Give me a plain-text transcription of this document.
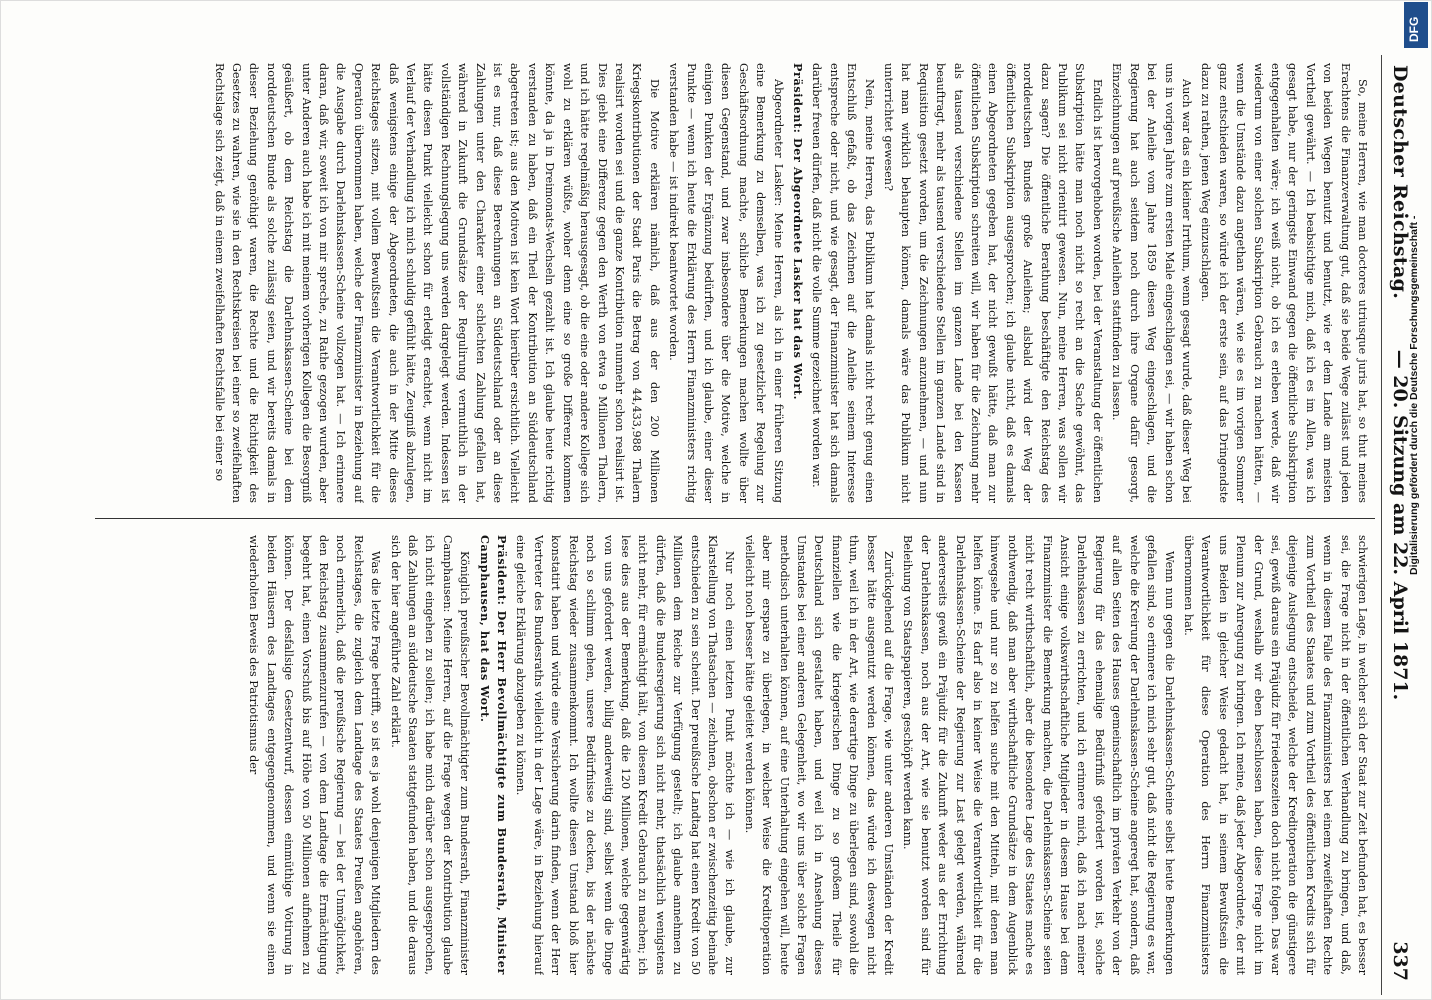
Deutscher Reichstag.
— 20. Sitzung am 22. April 1871.
337

So, meine Herren, wie man doctores utriusque juris hat, so thut meines Erachtens die Finanzverwaltung gut, daß sie beide Wege zulässt und jeden von beiden Wegen benutzt und benutzt, wie er dem Lande am meisten Vortheil gewährt. — Ich beabsichtige mich, daß ich es im Allen, was ich gesagt habe, nur der geringste Einwand gegen die öffentliche Subskription entgegenhalten wäre; ich weiß nicht, ob ich es erleben werde, daß wir wiederum von einer solchen Subskription Gebrauch zu machen hätten, — wenn die Umstände dazu angethan wären, wie sie es im vorigen Sommer ganz entschieden waren, so würde ich der erste sein, auf das Dringendste dazu zu rathen, jenen Weg einzuschlagen.

Auch war das ein kleiner Irrthum, wenn gesagt wurde, daß dieser Weg bei uns in vorigen Jahre zum ersten Male eingeschlagen sei, — wir haben schon bei der Anleihe vom Jahre 1859 diesen Weg eingeschlagen, und die Regierung hat auch seitdem noch durch ihre Organe dafür gesorgt, Einzeichnungen auf preußische Anleihen stattfinden zu lassen.

Endlich ist hervorgehoben worden, bei der Veranstaltung der öffentlichen Subskription hätte man noch nicht so recht an die Sache gewöhnt, das Publikum sei nicht orientirt gewesen. Nun, meine Herren, was sollen wir dazu sagen? Die öffentliche Berathung beschäftigte den Reichstag des norddeutschen Bundes große Anleihen; alsbald wird der Weg der öffentlichen Subskription ausgesprochen; ich glaube nicht, daß es damals einen Abgeordneten gegeben hat, der nicht gewußt hätte, daß man zur öffentlichen Subskription schreiten will, wir haben für die Zeichnung mehr als tausend verschiedene Stellen im ganzen Lande bei den Kassen beauftragt, mehr als tausend verschiedene Stellen im ganzen Lande sind in Requisition gesetzt worden, um die Zeichnungen anzunehmen, — und nun hat man wirklich behaupten können, damals wäre das Publikum nicht unterrichtet gewesen?

Nein, meine Herren, das Publikum hat damals nicht recht genug einen Entschluß gefaßt, ob das Zeichnen auf die Anleihe seinem Interesse entspreche oder nicht, und wie gesagt, der Finanzminister hat sich damals darüber freuen dürfen, daß nicht die volle Summe gezeichnet worden war.

Präsident: Der Abgeordnete Lasker hat das Wort.

Abgeordneter Lasker: Meine Herren, als ich in einer früheren Sitzung eine Bemerkung zu demselben, was ich zu gesetzlicher Regelung zur Geschäftsordnung machte, schliche Bemerkungen machen wollte über diesen Gegenstand, und zwar insbesondere über die Motive, welche in einigen Punkten der Ergänzung bedürften, und ich glaube, einer dieser Punkte — wenn ich heute die Erklärung des Herrn Finanzministers richtig verstanden habe — ist indirekt beantwortet worden.

Die Motive erklären nämlich, daß aus der den 200 Millionen Kriegskontributionen der Stadt Paris die Betrag von 44,433,988 Thalern realisirt worden sei und die ganze Kontribution nunmehr schon realisirt ist. Dies giebt eine Differenz gegen den Werth von etwa 9 Millionen Thalern, und ich hätte regelmäßig herausgesagt, ob die eine oder andere Kollege sich wohl zu erklären wüßte, woher denn eine so große Differenz kommen könnte, da ja in Dreimonats-Wechseln gezahlt ist. Ich glaube heute richtig verstanden zu haben, daß ein Theil der Kontribution an Süddeutschland abgetreten ist; aus den Motiven ist kein Wort hierüber ersichtlich. Vielleicht ist es nur, daß diese Berechnungen an Süddeutschland oder an diese Zahlungen unter den Charakter einer schlechten Zahlung gefallen hat, während in Zukunft die Grundsätze der Regulirung vermuthlich in der vollständigen Rechnungslegung uns werden dargelegt werden. Indessen ist hätte diesen Punkt vielleicht schon für erledigt erachtet, wenn nicht im Verlauf der Verhandlung ich mich schuldig gefühlt hätte, Zeugniß abzulegen, daß wenigstens einige der Abgeordneten, die auch in der Mitte dieses Reichstages sitzen, mit vollem Bewußtsein die Verantwortlichkeit für die Operation übernommen haben, welche der Finanzminister in Beziehung auf die Ausgabe durch Darlehnskassen-Scheine vollzogen hat. — Ich erinnere daran, daß wir, soweit ich von mir spreche, zu Rathe gezogen wurden, aber unter Anderen auch habe ich mit meinem vorherigen Kollegen die Besorgniß geäußert, ob dem Reichstag die Darlehnskassen-Scheine bei dem norddeutschen Bunde als solche zulässig seien, und wir bereits damals in dieser Beziehung genöthigt waren, die Rechte und die Richtigkeit des Gesetzes zu wahren, wie sie in den Rechtskreisen bei einer so zweifelhaften Rechtslage sich zeigt, daß in einem zweifelhaften Rechtsfalle bei einer so

schwierigen Lage, in welcher sich der Staat zur Zeit befunden hat, es besser sei, die Frage nicht in der öffentlichen Verhandlung zu bringen, und daß, wenn in diesem Falle des Finanzministers bei einem zweifelhaften Rechte zum Vortheil des Staates und zum Vortheil des öffentlichen Kredits sich für diejenige Auslegung entscheide, welche der Kreditoperation die günstigere sei, gewiß daraus ein Präjudiz für Friedenszeiten doch nicht folgen. Das war der Grund, weshalb wir eben beschlossen haben, diese Frage nicht im Plenum zur Anregung zu bringen. Ich meine, daß jeder Abgeordnete, der mit uns Beiden in gleicher Weise gedacht hat, in seinem Bewußtsein die Verantwortlichkeit für diese Operation des Herrn Finanzministers übernommen hat.

Wenn nun gegen die Darlehnskassen-Scheine selbst heute Bemerkungen gefallen sind, so erinnere ich mich sehr gut, daß nicht die Regierung es war, welche die Kreirung der Darlehnskassen-Scheine angeregt hat, sondern, daß auf allen Seiten des Hauses gemeinschaftlich im privaten Verkehr von der Regierung für das ehemalige Bedürfniß gefordert worden ist, solche Darlehnskassen zu errichten, und ich erinnere mich, daß ich nach meiner Ansicht einige volkswirthschaftliche Mitglieder in diesem Hause bei dem Finanzminister die Bemerkung machten, die Darlehnskassen-Scheine seien nicht recht wirthschaftlich, aber die besondere Lage des Staates mache es nothwendig, daß man aber wirthschaftliche Grundsätze in dem Augenblick hinwegsehe und nur so zu helfen suche mit den Mitteln, mit denen man helfen könne. Es darf also in keiner Weise die Verantwortlichkeit für die Darlehnskassen-Scheine der Regierung zur Last gelegt werden, während andererseits gewiß ein Präjudiz für die Zukunft weder aus der Errichtung der Darlehnskassen, noch aus der Art, wie sie benutzt worden sind für Beleihung von Staatspapieren, geschöpft werden kann.

Zurückgehend auf die Frage, wie unter anderen Umständen der Kredit besser hätte ausgenutzt werden können, das würde ich deswegen nicht thun, weil ich in der Art, wie derartige Dinge zu überlegen sind, sowohl die finanziellen wie die kriegerischen Dinge zu so großem Theile für Deutschland sich gestaltet haben, und weil ich in Ansehung dieses Umstandes bei einer anderen Gelegenheit, wo wir uns über solche Fragen methodisch unterhalten können, auf eine Unterhaltung eingehen will, heute aber mir erspare zu überlegen, in welcher Weise die Kreditoperation vielleicht noch besser hätte geleitet werden können.

Nur noch einen letzten Punkt möchte ich — wie ich glaube, zur Klarstellung von Thatsachen — zeichnen, obschon er zwischenzeitig beinahe entschieden zu sein scheint. Der preußische Landtag hat einen Kredit von 50 Millionen dem Reiche zur Verfügung gestellt; ich glaube annehmen zu dürfen, daß die Bundesregierung sich nicht mehr, thatsächlich wenigstens nicht mehr, für ermächtigt hält, von diesem Kredit Gebrauch zu machen; ich lese dies aus der Bemerkung, daß die 120 Millionen, welche gegenwärtig von uns gefordert werden, billig anderweitig sind, selbst wenn die Dinge noch so schlimm gehen, unsere Bedürfnisse zu decken, bis der nächste Reichstag wieder zusammenkommt. Ich wollte diesen Umstand bloß hier konstatirt haben und würde eine Versicherung darin finden, wenn der Herr Vertreter des Bundesraths vielleicht in der Lage wäre, in Beziehung hierauf eine gleiche Erklärung abzugeben zu können.

Präsident: Der Herr Bevollmächtigte zum Bundesrath, Minister Camphausen, hat das Wort.

Königlich preußischer Bevollmächtigter zum Bundesrath, Finanzminister Camphausen: Meine Herren, auf die Frage wegen der Kontribution glaube ich nicht eingehen zu sollen; ich habe mich darüber schon ausgesprochen, daß Zahlungen an süddeutsche Staaten stattgefunden haben, und die daraus sich der hier angeführte Zahl erklärt.

Was die letzte Frage betrifft, so ist es ja wohl denjenigen Mitgliedern des Reichstages, die zugleich dem Landtage des Staates Preußen angehören, noch erinnerlich, daß die preußische Regierung — bei der Unmöglichkeit, den Reichstag zusammenzurufen — von dem Landtage die Ermächtigung begehrt hat, einen Vorschuß bis auf Höhe von 50 Millionen aufnehmen zu können. Der desfallsige Gesetzentwurf, dessen einmüthige Votirung in beiden Häusern des Landtages entgegengenommen, und wenn sie einen wiederholten Beweis des Patriotismus der

DFG
Digitalisierung gefördert durch die Deutsche Forschungsgemeinschaft -
